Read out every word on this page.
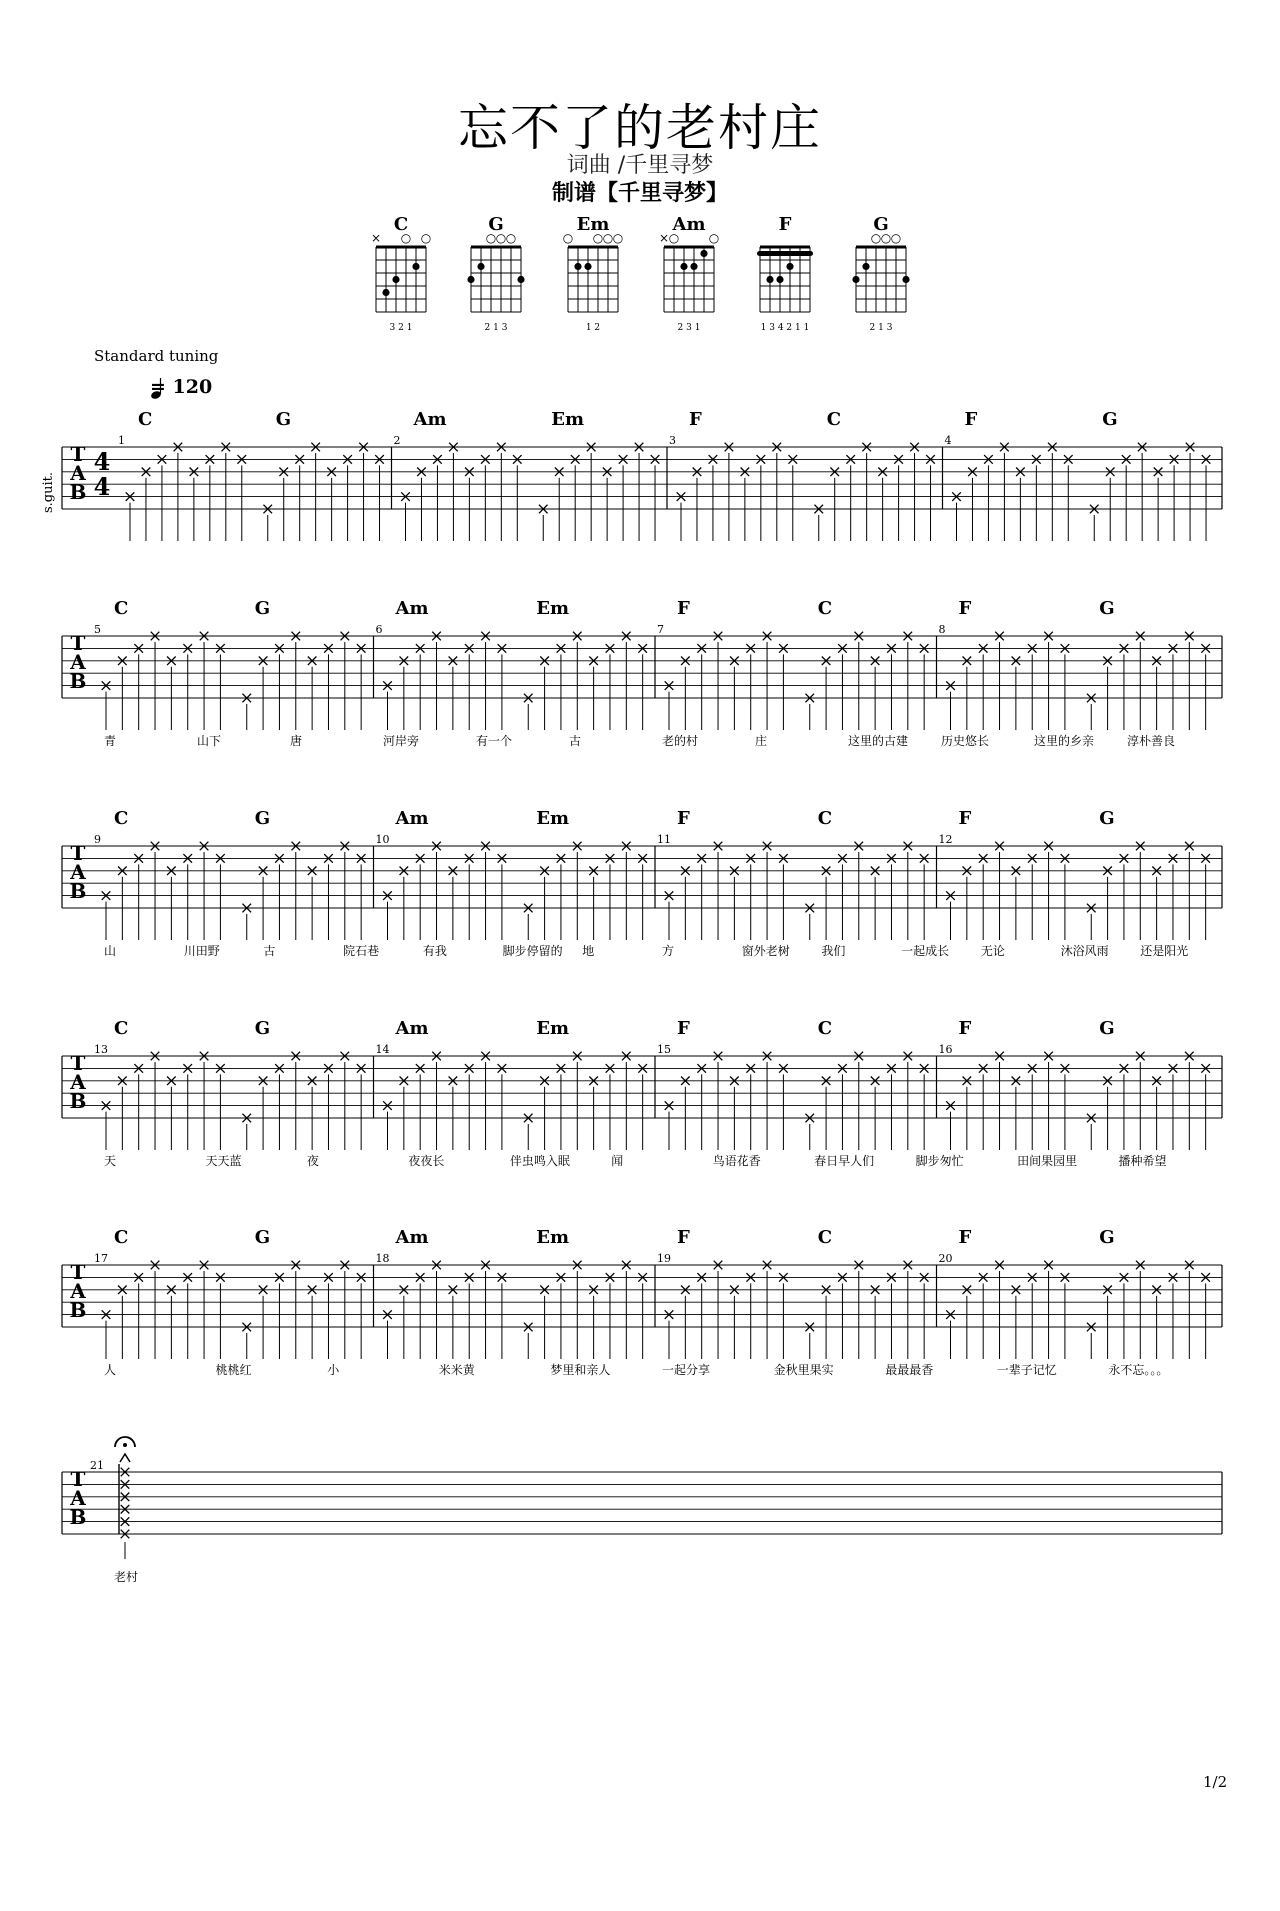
忘不了的老村庄
词曲 /千里寻梦
制谱【千里寻梦】
C
× ○ ○
3 2 1
G
○ ○ ○
2 1 3
Em
○ ○ ○ ○
1 2
Am
× ○ ○
2 3 1
F
1 3 4 2 1 1
G
○ ○ ○
2 1 3
T
A
B
4
4
s.guit.
1
C	G
2
Am	Em
3
F	C
4
F	G
T
A
B
5
C	G
6
Am	Em
7
F	C
8
F	G
青	山下	唐	河岸旁	有一个	古	老的村	庄	这里的古建	历史悠长	这里的乡亲	淳朴善良
T
A
B
9
C	G
10
Am	Em
11
F	C
12
F	G
山	川田野	古	院石巷	有我	脚步停留的 地	方	窗外老树	我们	一起成长	无论	沐浴风雨	还是阳光
T
A
B
13
C	G
14
Am	Em
15
F	C
16
F	G
天	天天蓝	夜	夜夜长	伴虫鸣入眠	闻	鸟语花香	春日早人们	脚步匆忙	田间果园里	播种希望
T
A
B
17
C	G
18
Am	Em
19
F	C
20
F	G
人	桃桃红	小	米米黄	梦里和亲人	一起分享	金秋里果实	最最最香	一辈子记忆	永不忘。。。
T
A
B
21
老村
Standard tuning
= 120
1/2
